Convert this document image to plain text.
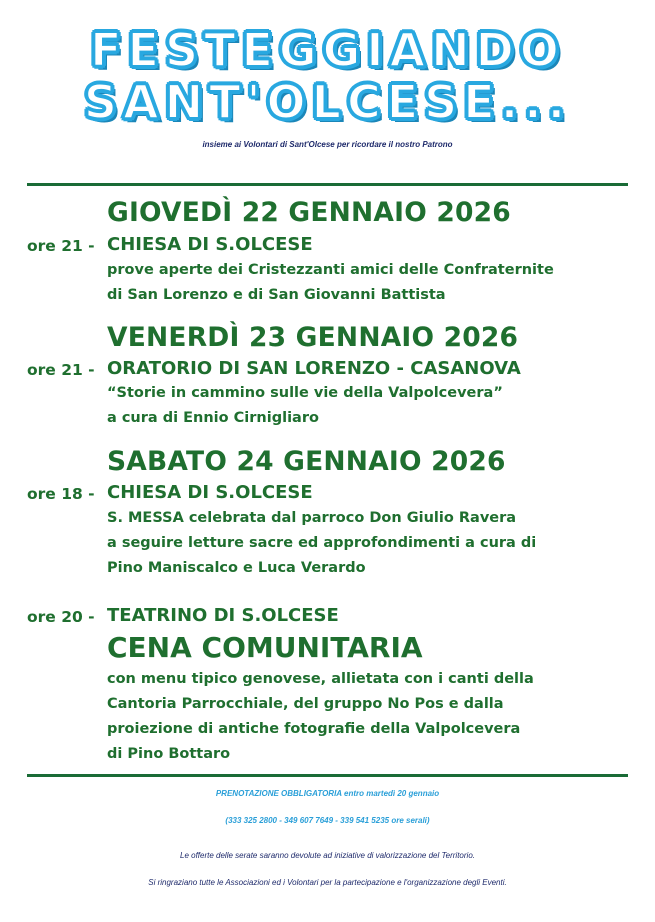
FESTEGGIANDO
SANT'OLCESE...
insieme ai Volontari di Sant'Olcese per ricordare il nostro Patrono
GIOVEDÌ 22 GENNAIO 2026
ore 21 - CHIESA DI S.OLCESE
prove aperte dei Cristezzanti amici delle Confraternite
di San Lorenzo e di San Giovanni Battista
VENERDÌ 23 GENNAIO 2026
ore 21 - ORATORIO DI SAN LORENZO - CASANOVA
“Storie in cammino sulle vie della Valpolcevera”
a cura di Ennio Cirnigliaro
SABATO 24 GENNAIO 2026
ore 18 - CHIESA DI S.OLCESE
S. MESSA celebrata dal parroco Don Giulio Ravera
a seguire letture sacre ed approfondimenti a cura di
Pino Maniscalco e Luca Verardo
ore 20 - TEATRINO DI S.OLCESE
CENA COMUNITARIA
con menu tipico genovese, allietata con i canti della
Cantoria Parrocchiale, del gruppo No Pos e dalla
proiezione di antiche fotografie della Valpolcevera
di Pino Bottaro
PRENOTAZIONE OBBLIGATORIA entro martedì 20 gennaio
(333 325 2800 - 349 607 7649 - 339 541 5235 ore serali)
Le offerte delle serate saranno devolute ad iniziative di valorizzazione del Territorio.
Si ringraziano tutte le Associazioni ed i Volontari per la partecipazione e l'organizzazione degli Eventi.
